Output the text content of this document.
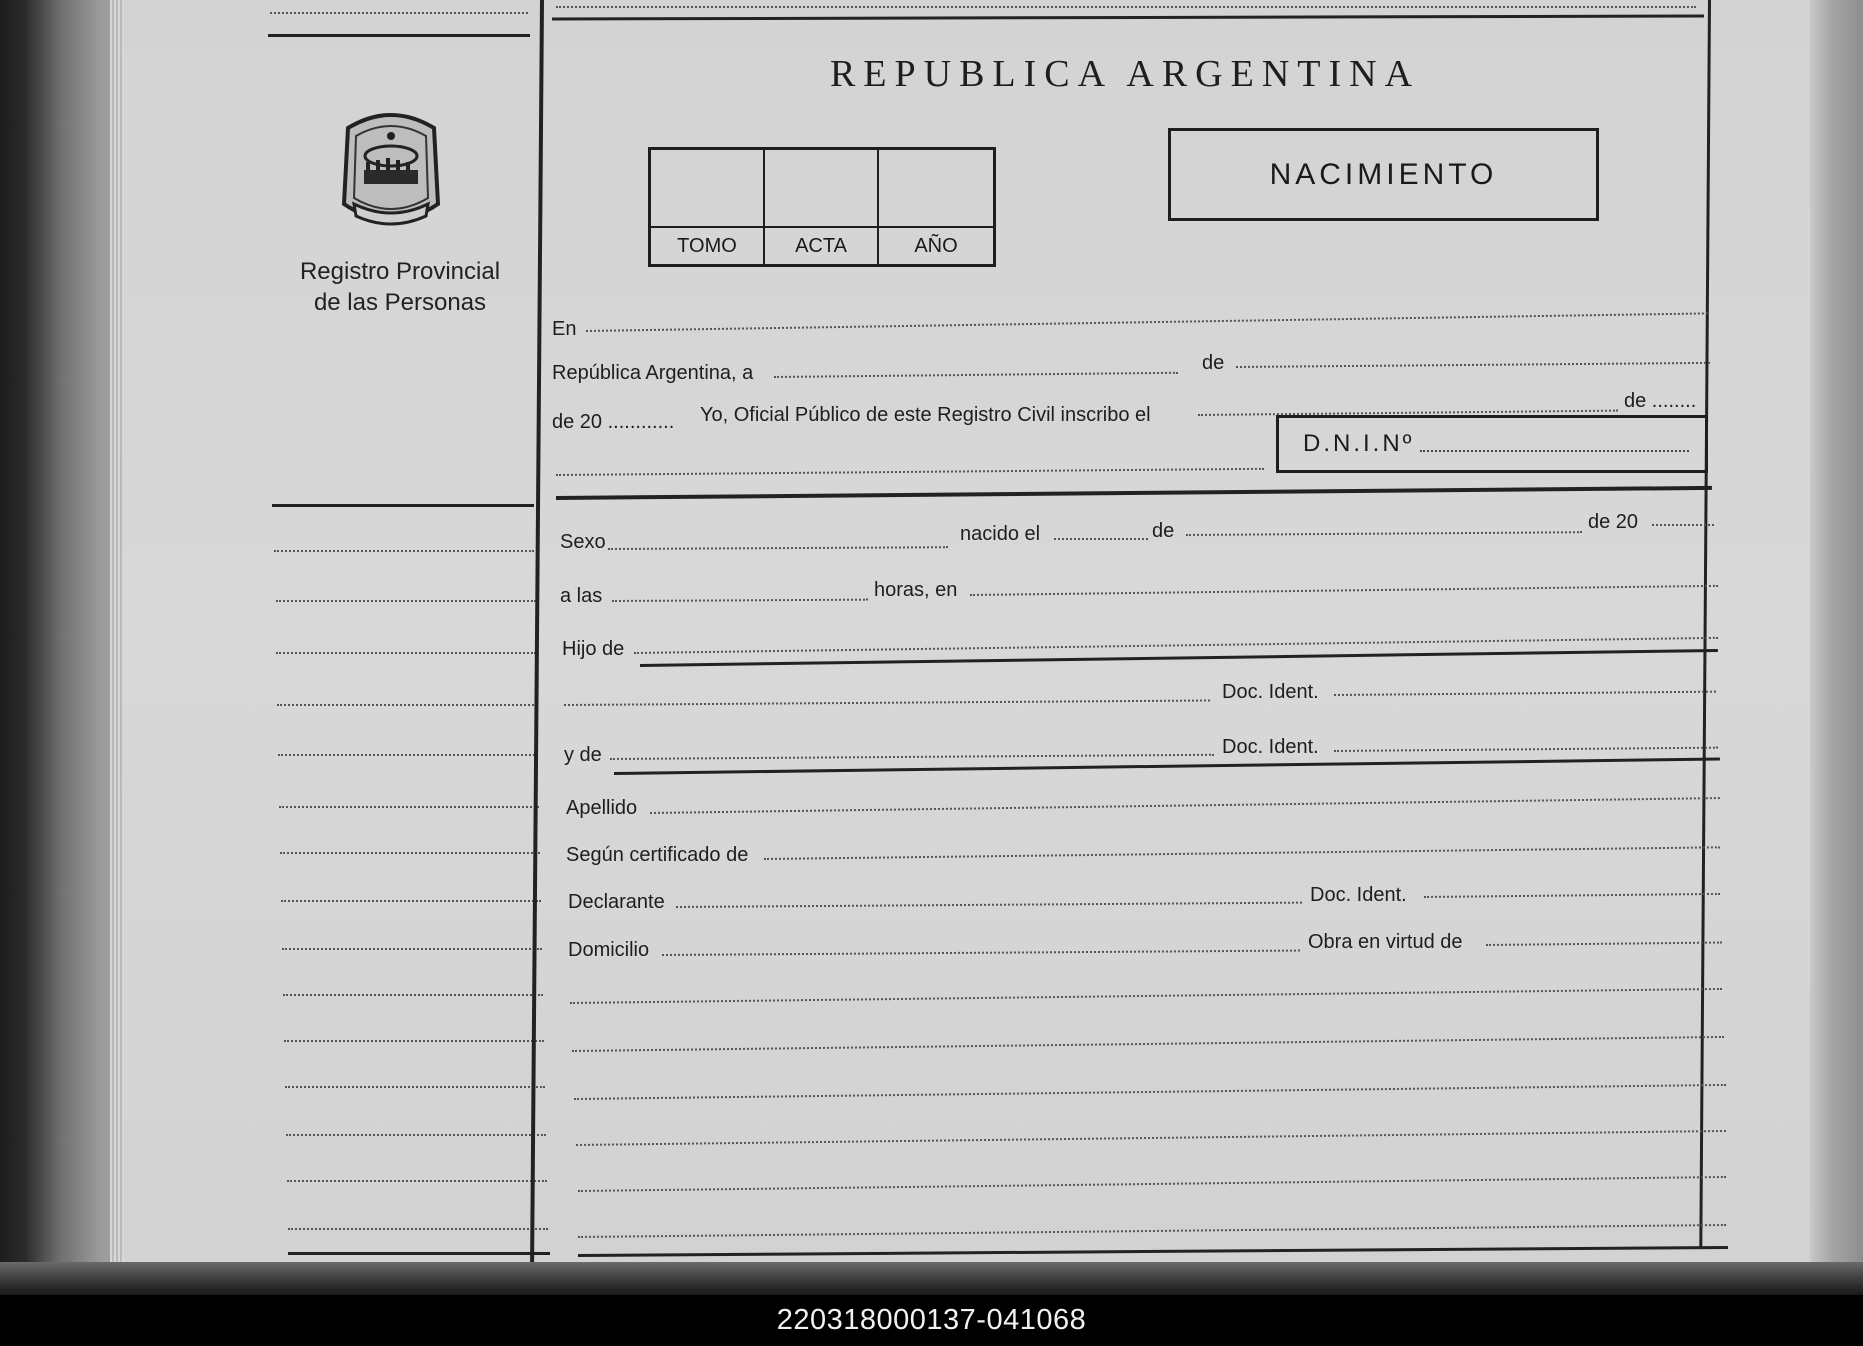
Registro Provincial
de las Personas
REPUBLICA ARGENTINA
TOMO	ACTA	AÑO
NACIMIENTO
En
República Argentina, a	de
de 20 ............ Yo, Oficial Público de este Registro Civil inscribo el
de ........
D.N.I.Nº
Sexo	nacido el	de	de 20
a las	horas, en
Hijo de
Doc. Ident.
y de	Doc. Ident.
Apellido
Según certificado de
Declarante	Doc. Ident.
Domicilio	Obra en virtud de
220318000137-041068
